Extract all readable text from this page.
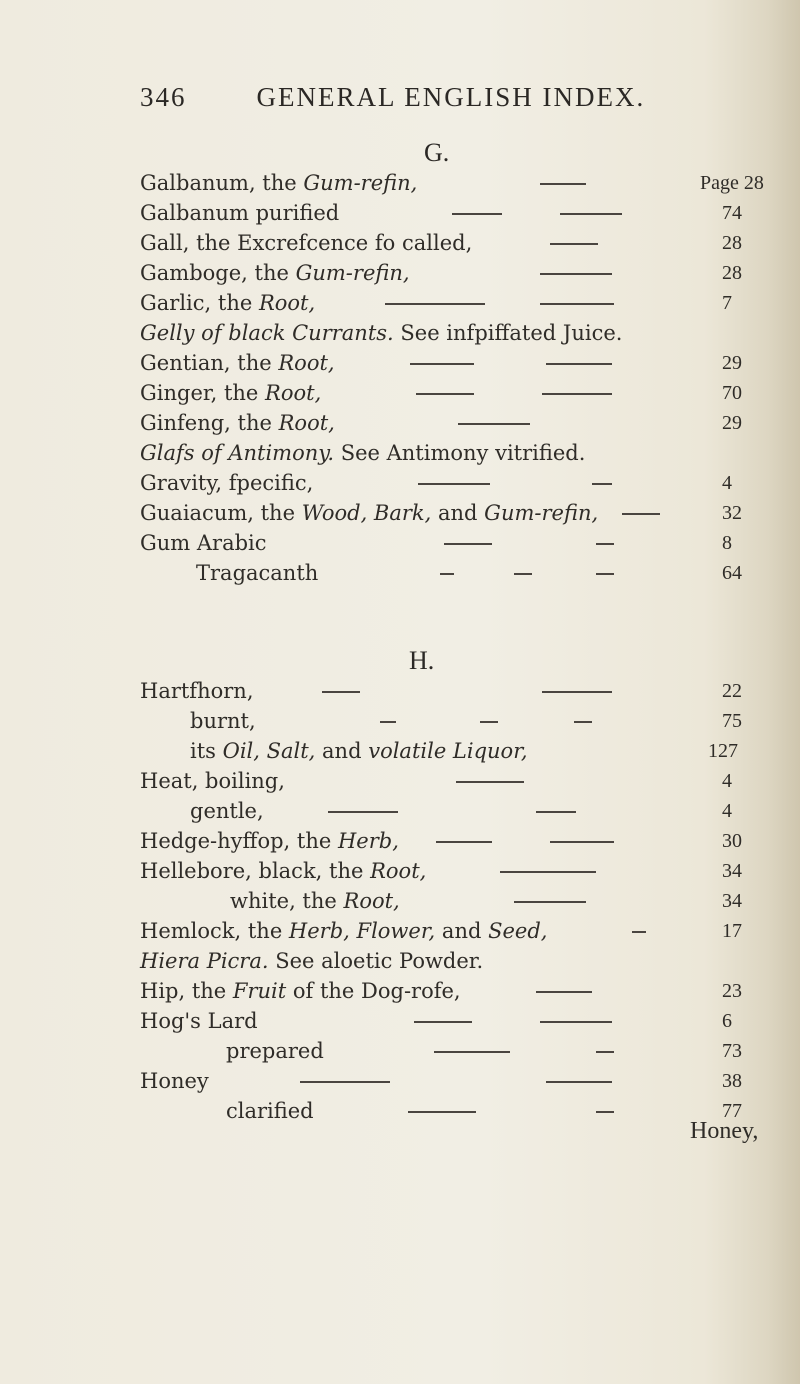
346	GENERAL ENGLISH INDEX.
G.
Galbanum, the Gum-refin,	Page 28
Galbanum purified	74
Gall, the Excrefcence fo called,	28
Gamboge, the Gum-refin,	28
Garlic, the Root,	7
Gelly of black Currants. See infpiffated Juice.
Gentian, the Root,	29
Ginger, the Root,	70
Ginfeng, the Root,	29
Glafs of Antimony. See Antimony vitrified.
Gravity, fpecific,	4
Guaiacum, the Wood, Bark, and Gum-refin,	32
Gum Arabic	8
Tragacanth	64
H.
Hartfhorn,	22
burnt,	75
its Oil, Salt, and volatile Liquor,	127
Heat, boiling,	4
gentle,	4
Hedge-hyffop, the Herb,	30
Hellebore, black, the Root,	34
white, the Root,	34
Hemlock, the Herb, Flower, and Seed,	17
Hiera Picra. See aloetic Powder.
Hip, the Fruit of the Dog-rofe,	23
Hog's Lard	6
prepared	73
Honey	38
clarified	77
Honey,
